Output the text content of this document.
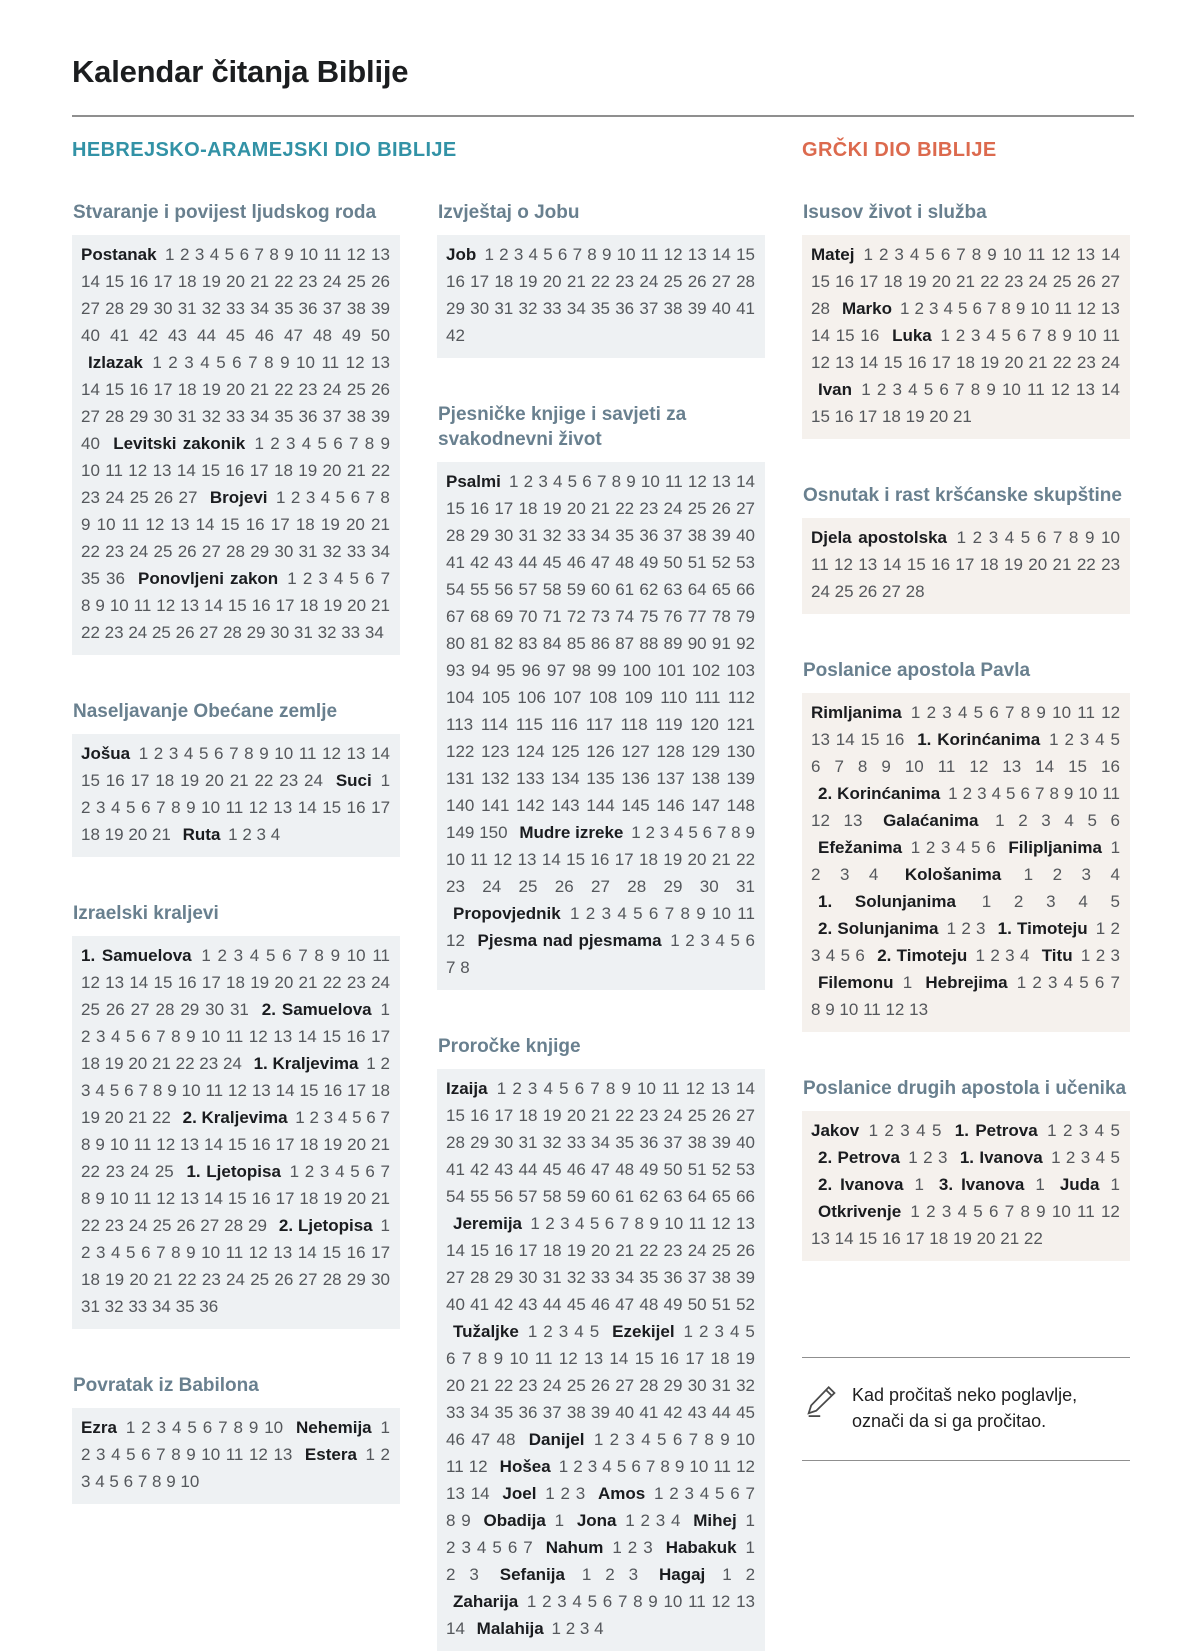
Kalendar čitanja Biblije
HEBREJSKO-ARAMEJSKI DIO BIBLIJE	GRČKI DIO BIBLIJE
Stvaranje i povijest ljudskog roda
Postanak 1 2 3 4 5 6 7 8 9 10 11 12 13 14 15 16 17 18 19 20 21 22 23 24 25 26 27 28 29 30 31 32 33 34 35 36 37 38 39 40 41 42 43 44 45 46 47 48 49 50 Izlazak 1 2 3 4 5 6 7 8 9 10 11 12 13 14 15 16 17 18 19 20 21 22 23 24 25 26 27 28 29 30 31 32 33 34 35 36 37 38 39 40 Levitski zakonik 1 2 3 4 5 6 7 8 9 10 11 12 13 14 15 16 17 18 19 20 21 22 23 24 25 26 27 Brojevi 1 2 3 4 5 6 7 8 9 10 11 12 13 14 15 16 17 18 19 20 21 22 23 24 25 26 27 28 29 30 31 32 33 34 35 36 Ponovljeni zakon 1 2 3 4 5 6 7 8 9 10 11 12 13 14 15 16 17 18 19 20 21 22 23 24 25 26 27 28 29 30 31 32 33 34
Naseljavanje Obećane zemlje
Jošua 1 2 3 4 5 6 7 8 9 10 11 12 13 14 15 16 17 18 19 20 21 22 23 24 Suci 1 2 3 4 5 6 7 8 9 10 11 12 13 14 15 16 17 18 19 20 21 Ruta 1 2 3 4
Izraelski kraljevi
1. Samuelova 1 2 3 4 5 6 7 8 9 10 11 12 13 14 15 16 17 18 19 20 21 22 23 24 25 26 27 28 29 30 31 2. Samuelova 1 2 3 4 5 6 7 8 9 10 11 12 13 14 15 16 17 18 19 20 21 22 23 24 1. Kraljevima 1 2 3 4 5 6 7 8 9 10 11 12 13 14 15 16 17 18 19 20 21 22 2. Kraljevima 1 2 3 4 5 6 7 8 9 10 11 12 13 14 15 16 17 18 19 20 21 22 23 24 25 1. Ljetopisa 1 2 3 4 5 6 7 8 9 10 11 12 13 14 15 16 17 18 19 20 21 22 23 24 25 26 27 28 29 2. Ljetopisa 1 2 3 4 5 6 7 8 9 10 11 12 13 14 15 16 17 18 19 20 21 22 23 24 25 26 27 28 29 30 31 32 33 34 35 36
Povratak iz Babilona
Ezra 1 2 3 4 5 6 7 8 9 10 Nehemija 1 2 3 4 5 6 7 8 9 10 11 12 13 Estera 1 2 3 4 5 6 7 8 9 10
Izvještaj o Jobu
Job 1 2 3 4 5 6 7 8 9 10 11 12 13 14 15 16 17 18 19 20 21 22 23 24 25 26 27 28 29 30 31 32 33 34 35 36 37 38 39 40 41 42
Pjesničke knjige i savjeti za svakodnevni život
Psalmi 1 2 3 4 5 6 7 8 9 10 11 12 13 14 15 16 17 18 19 20 21 22 23 24 25 26 27 28 29 30 31 32 33 34 35 36 37 38 39 40 41 42 43 44 45 46 47 48 49 50 51 52 53 54 55 56 57 58 59 60 61 62 63 64 65 66 67 68 69 70 71 72 73 74 75 76 77 78 79 80 81 82 83 84 85 86 87 88 89 90 91 92 93 94 95 96 97 98 99 100 101 102 103 104 105 106 107 108 109 110 111 112 113 114 115 116 117 118 119 120 121 122 123 124 125 126 127 128 129 130 131 132 133 134 135 136 137 138 139 140 141 142 143 144 145 146 147 148 149 150 Mudre izreke 1 2 3 4 5 6 7 8 9 10 11 12 13 14 15 16 17 18 19 20 21 22 23 24 25 26 27 28 29 30 31 Propovjednik 1 2 3 4 5 6 7 8 9 10 11 12 Pjesma nad pjesmama 1 2 3 4 5 6 7 8
Proročke knjige
Izaija 1 2 3 4 5 6 7 8 9 10 11 12 13 14 15 16 17 18 19 20 21 22 23 24 25 26 27 28 29 30 31 32 33 34 35 36 37 38 39 40 41 42 43 44 45 46 47 48 49 50 51 52 53 54 55 56 57 58 59 60 61 62 63 64 65 66 Jeremija 1 2 3 4 5 6 7 8 9 10 11 12 13 14 15 16 17 18 19 20 21 22 23 24 25 26 27 28 29 30 31 32 33 34 35 36 37 38 39 40 41 42 43 44 45 46 47 48 49 50 51 52 Tužaljke 1 2 3 4 5 Ezekijel 1 2 3 4 5 6 7 8 9 10 11 12 13 14 15 16 17 18 19 20 21 22 23 24 25 26 27 28 29 30 31 32 33 34 35 36 37 38 39 40 41 42 43 44 45 46 47 48 Danijel 1 2 3 4 5 6 7 8 9 10 11 12 Hošea 1 2 3 4 5 6 7 8 9 10 11 12 13 14 Joel 1 2 3 Amos 1 2 3 4 5 6 7 8 9 Obadija 1 Jona 1 2 3 4 Mihej 1 2 3 4 5 6 7 Nahum 1 2 3 Habakuk 1 2 3 Sefanija 1 2 3 Hagaj 1 2 Zaharija 1 2 3 4 5 6 7 8 9 10 11 12 13 14 Malahija 1 2 3 4
Isusov život i služba
Matej 1 2 3 4 5 6 7 8 9 10 11 12 13 14 15 16 17 18 19 20 21 22 23 24 25 26 27 28 Marko 1 2 3 4 5 6 7 8 9 10 11 12 13 14 15 16 Luka 1 2 3 4 5 6 7 8 9 10 11 12 13 14 15 16 17 18 19 20 21 22 23 24 Ivan 1 2 3 4 5 6 7 8 9 10 11 12 13 14 15 16 17 18 19 20 21
Osnutak i rast kršćanske skupštine
Djela apostolska 1 2 3 4 5 6 7 8 9 10 11 12 13 14 15 16 17 18 19 20 21 22 23 24 25 26 27 28
Poslanice apostola Pavla
Rimljanima 1 2 3 4 5 6 7 8 9 10 11 12 13 14 15 16 1. Korinćanima 1 2 3 4 5 6 7 8 9 10 11 12 13 14 15 16 2. Korinćanima 1 2 3 4 5 6 7 8 9 10 11 12 13 Galaćanima 1 2 3 4 5 6 Efežanima 1 2 3 4 5 6 Filipljanima 1 2 3 4 Kološanima 1 2 3 4 1. Solunjanima 1 2 3 4 5 2. Solunjanima 1 2 3 1. Timoteju 1 2 3 4 5 6 2. Timoteju 1 2 3 4 Titu 1 2 3 Filemonu 1 Hebrejima 1 2 3 4 5 6 7 8 9 10 11 12 13
Poslanice drugih apostola i učenika
Jakov 1 2 3 4 5 1. Petrova 1 2 3 4 5 2. Petrova 1 2 3 1. Ivanova 1 2 3 4 5 2. Ivanova 1 3. Ivanova 1 Juda 1 Otkrivenje 1 2 3 4 5 6 7 8 9 10 11 12 13 14 15 16 17 18 19 20 21 22
Kad pročitaš neko poglavlje, označi da si ga pročitao.
